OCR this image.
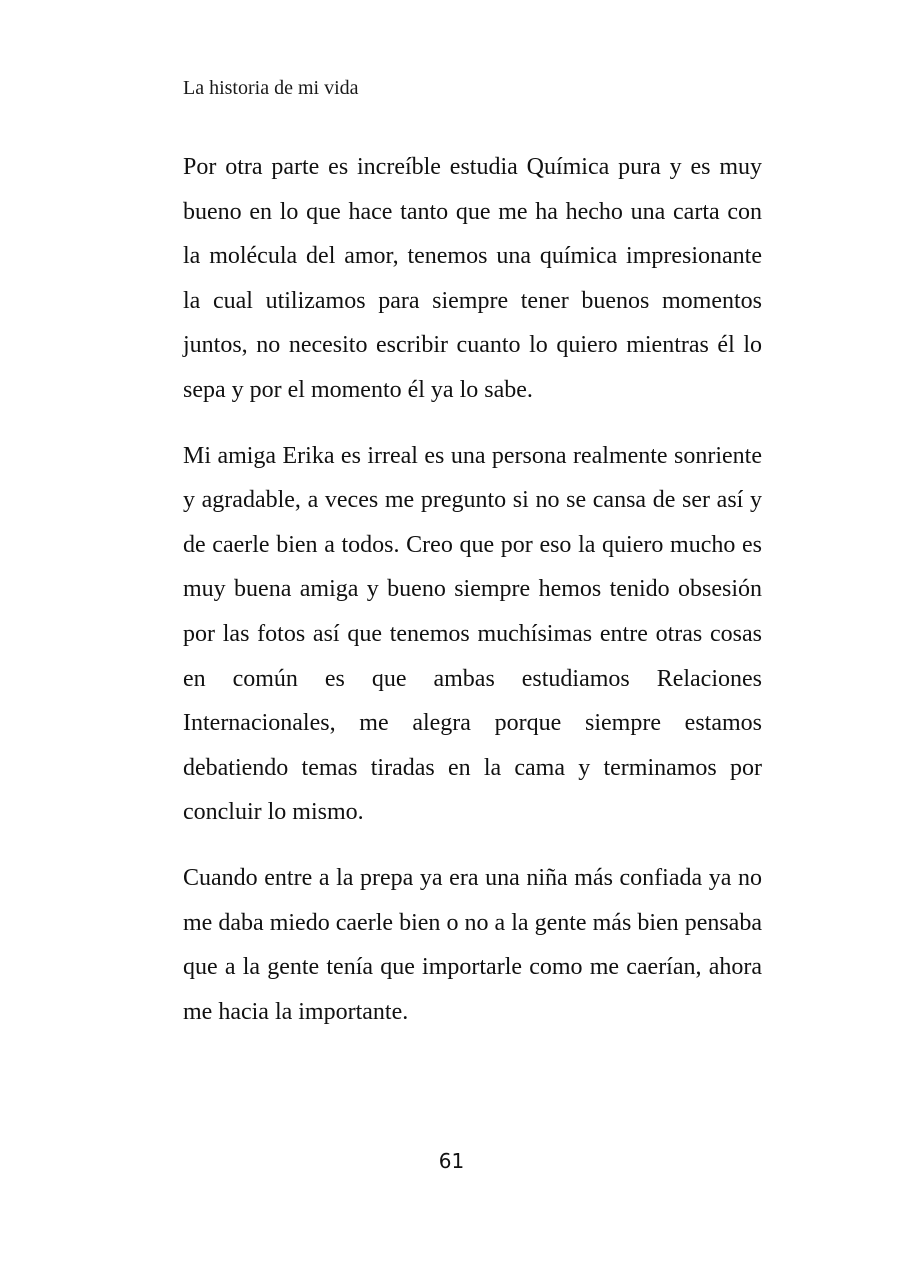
La historia de mi vida

Por otra parte es increíble estudia Química pura y es muy bueno en lo que hace tanto que me ha hecho una carta con la molécula del amor, tenemos una química impresionante la cual utilizamos para siempre tener buenos momentos juntos, no necesito escribir cuanto lo quiero mientras él lo sepa y por el momento él ya lo sabe.

Mi amiga Erika es irreal es una persona realmente sonriente y agradable, a veces me pregunto si no se cansa de ser así y de caerle bien a todos. Creo que por eso la quiero mucho es muy buena amiga y bueno siempre hemos tenido obsesión por las fotos así que tenemos muchísimas entre otras cosas en común es que ambas estudiamos Relaciones Internacionales, me alegra porque siempre estamos debatiendo temas tiradas en la cama y terminamos por concluir lo mismo.

Cuando entre a la prepa ya era una niña más confiada ya no me daba miedo caerle bien o no a la gente más bien pensaba que a la gente tenía que importarle como me caerían, ahora me hacia la importante.

61
